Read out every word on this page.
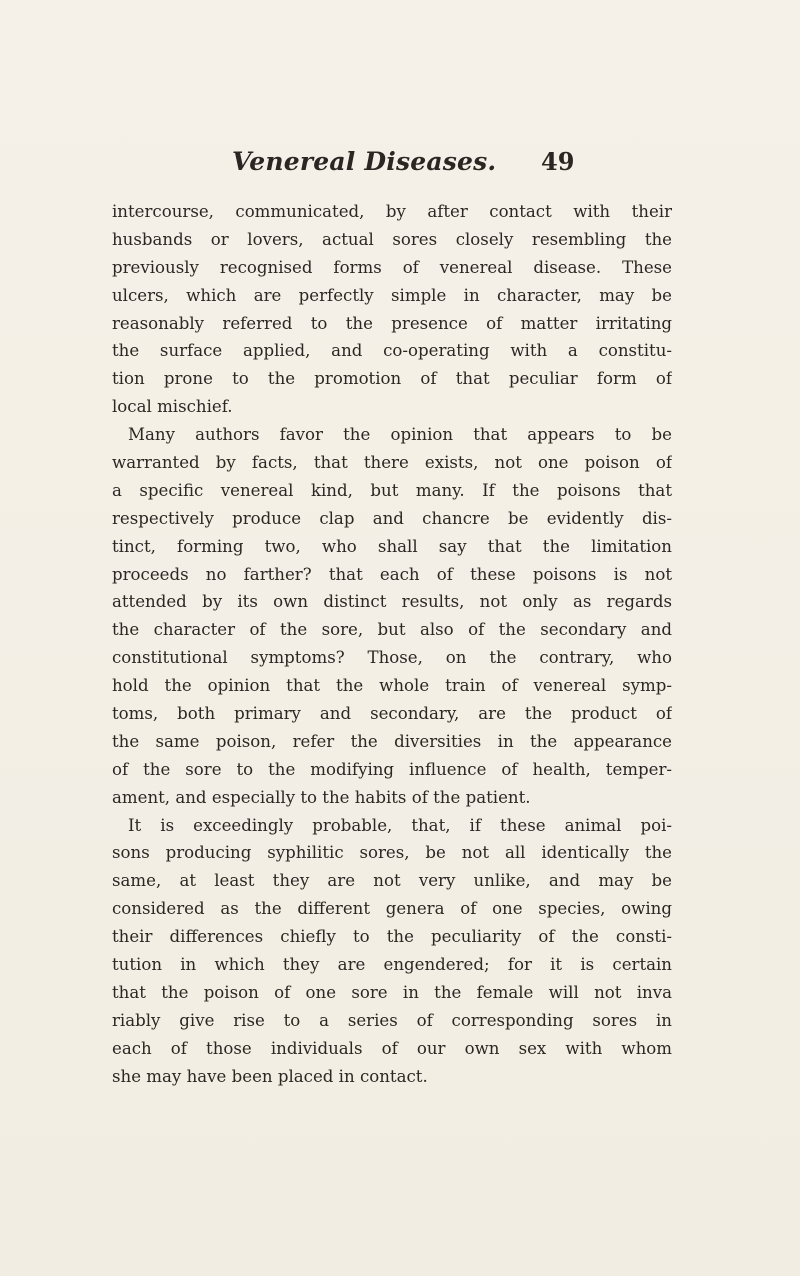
Venereal Diseases. 49
intercourse, communicated, by after contact with their
husbands or lovers, actual sores closely resembling the
previously recognised forms of venereal disease. These
ulcers, which are perfectly simple in character, may be
reasonably referred to the presence of matter irritating
the surface applied, and co-operating with a constitu-
tion prone to the promotion of that peculiar form of
local mischief.
Many authors favor the opinion that appears to be
warranted by facts, that there exists, not one poison of
a specific venereal kind, but many. If the poisons that
respectively produce clap and chancre be evidently dis-
tinct, forming two, who shall say that the limitation
proceeds no farther? that each of these poisons is not
attended by its own distinct results, not only as regards
the character of the sore, but also of the secondary and
constitutional symptoms? Those, on the contrary, who
hold the opinion that the whole train of venereal symp-
toms, both primary and secondary, are the product of
the same poison, refer the diversities in the appearance
of the sore to the modifying influence of health, temper-
ament, and especially to the habits of the patient.
It is exceedingly probable, that, if these animal poi-
sons producing syphilitic sores, be not all identically the
same, at least they are not very unlike, and may be
considered as the different genera of one species, owing
their differences chiefly to the peculiarity of the consti-
tution in which they are engendered; for it is certain
that the poison of one sore in the female will not inva
riably give rise to a series of corresponding sores in
each of those individuals of our own sex with whom
she may have been placed in contact.
